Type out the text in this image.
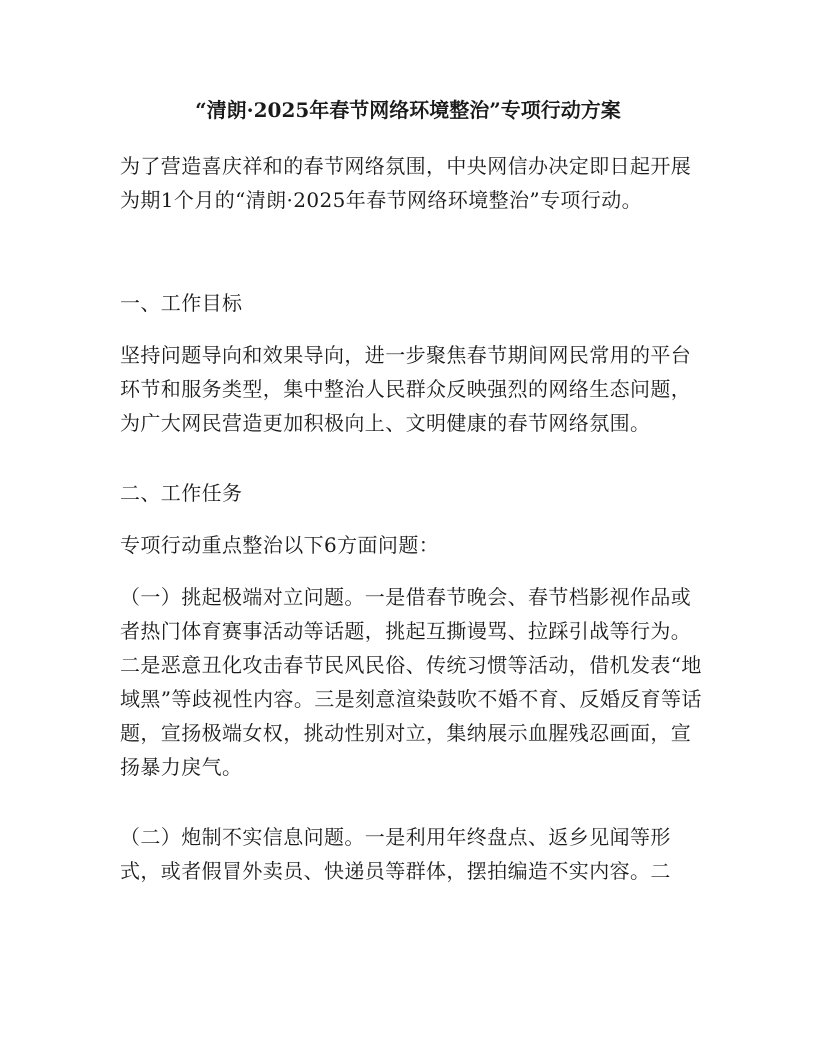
“清朗·2025年春节网络环境整治”专项行动方案

为了营造喜庆祥和的春节网络氛围，中央网信办决定即日起开展为期1个月的“清朗·2025年春节网络环境整治”专项行动。

一、工作目标

坚持问题导向和效果导向，进一步聚焦春节期间网民常用的平台环节和服务类型，集中整治人民群众反映强烈的网络生态问题，为广大网民营造更加积极向上、文明健康的春节网络氛围。

二、工作任务

专项行动重点整治以下6方面问题：

（一）挑起极端对立问题。一是借春节晚会、春节档影视作品或者热门体育赛事活动等话题，挑起互撕谩骂、拉踩引战等行为。二是恶意丑化攻击春节民风民俗、传统习惯等活动，借机发表“地域黑”等歧视性内容。三是刻意渲染鼓吹不婚不育、反婚反育等话题，宣扬极端女权，挑动性别对立，集纳展示血腥残忍画面，宣扬暴力戾气。

（二）炮制不实信息问题。一是利用年终盘点、返乡见闻等形式，或者假冒外卖员、快递员等群体，摆拍编造不实内容。二
